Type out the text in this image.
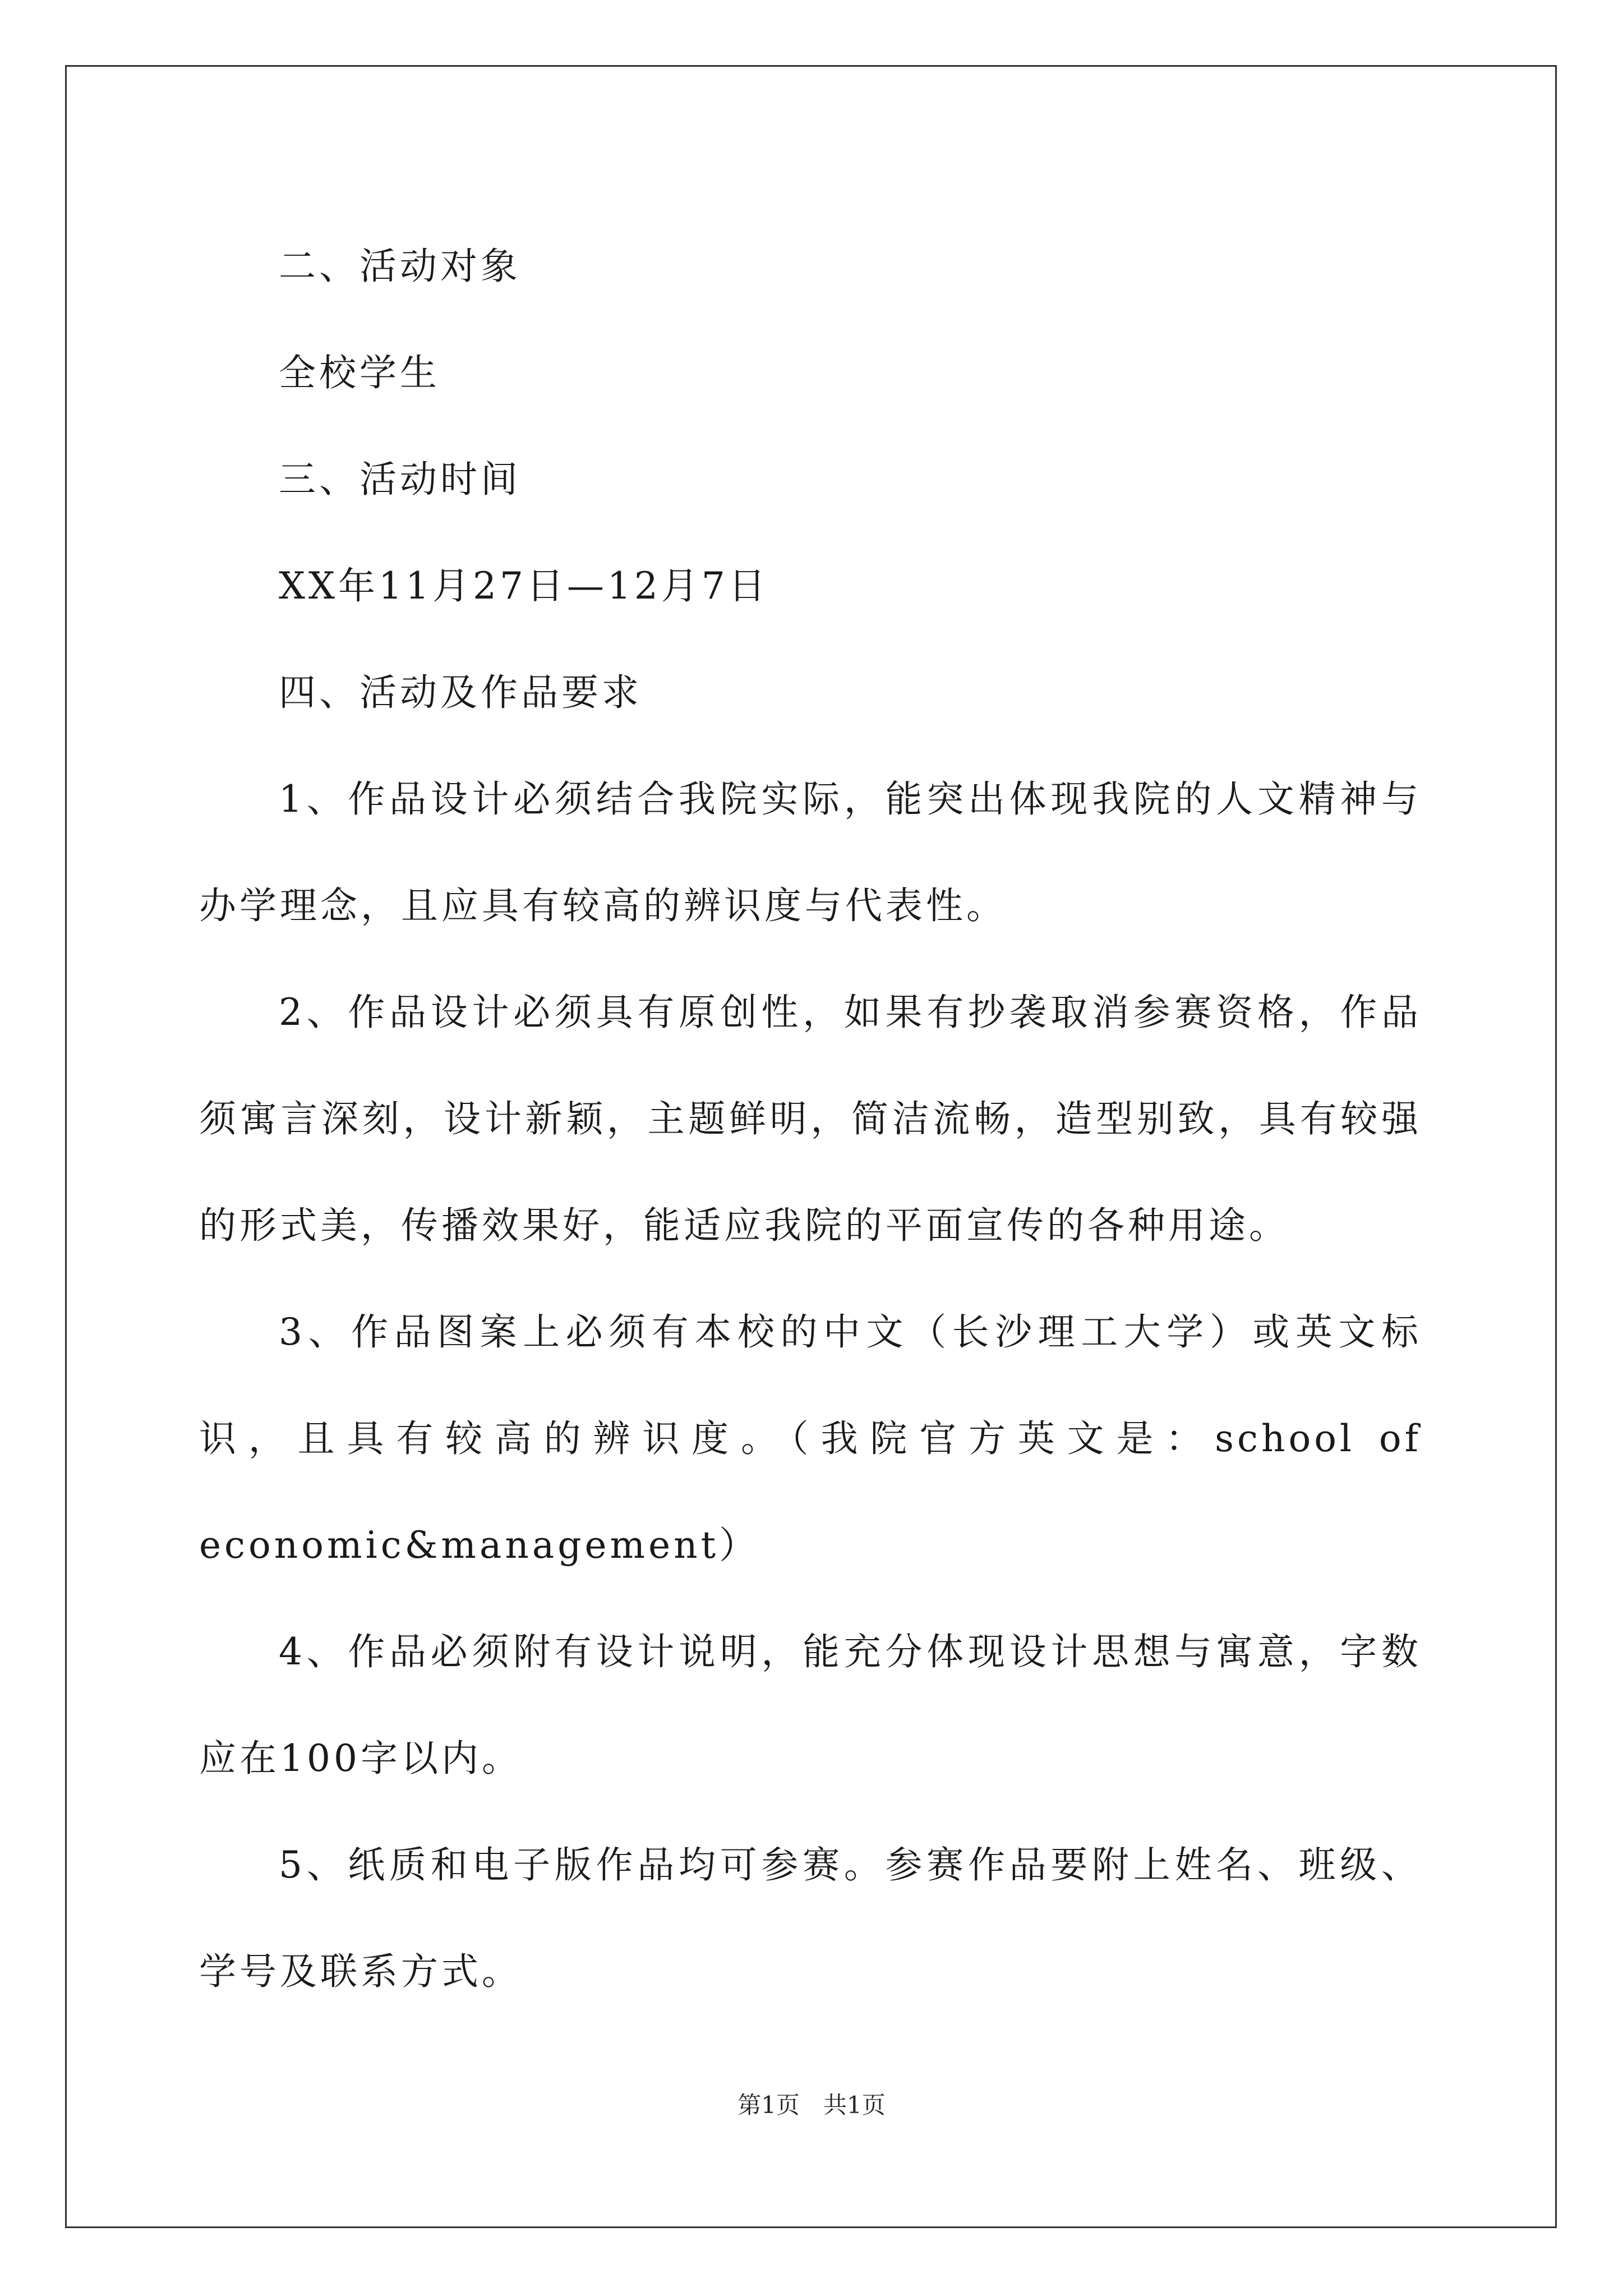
二、活动对象

全校学生

三、活动时间

XX年11月27日—12月7日

四、活动及作品要求

1、作品设计必须结合我院实际，能突出体现我院的人文精神与办学理念，且应具有较高的辨识度与代表性。

2、作品设计必须具有原创性，如果有抄袭取消参赛资格，作品须寓言深刻，设计新颖，主题鲜明，简洁流畅，造型别致，具有较强的形式美，传播效果好，能适应我院的平面宣传的各种用途。

3、作品图案上必须有本校的中文（长沙理工大学）或英文标识，且具有较高的辨识度。（我院官方英文是：school of economic&management）

4、作品必须附有设计说明，能充分体现设计思想与寓意，字数应在100字以内。

5、纸质和电子版作品均可参赛。参赛作品要附上姓名、班级、学号及联系方式。

第1页　共1页
